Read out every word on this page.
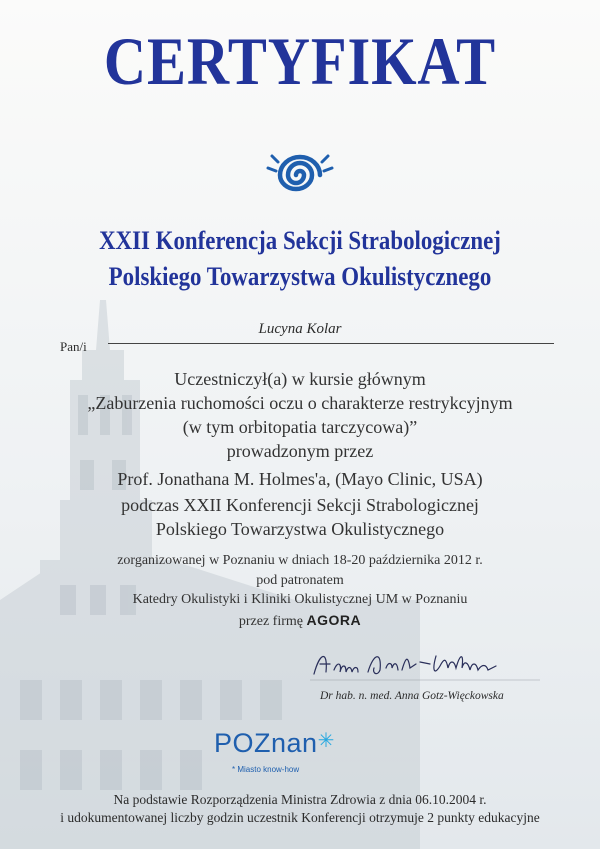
CERTYFIKAT
XXII Konferencja Sekcji Strabologicznej
Polskiego Towarzystwa Okulistycznego
Lucyna Kolar
Pan/i
Uczestniczył(a) w kursie głównym
„Zaburzenia ruchomości oczu o charakterze restrykcyjnym
(w tym orbitopatia tarczycowa)”
prowadzonym przez
Prof. Jonathana M. Holmes'a, (Mayo Clinic, USA)
podczas XXII Konferencji Sekcji Strabologicznej
Polskiego Towarzystwa Okulistycznego
zorganizowanej w Poznaniu w dniach 18-20 października 2012 r.
pod patronatem
Katedry Okulistyki i Kliniki Okulistycznej UM w Poznaniu
przez firmę AGORA
Dr hab. n. med. Anna Gotz-Więckowska
POZnan✳
* Miasto know-how
Na podstawie Rozporządzenia Ministra Zdrowia z dnia 06.10.2004 r.
i udokumentowanej liczby godzin uczestnik Konferencji otrzymuje 2 punkty edukacyjne
